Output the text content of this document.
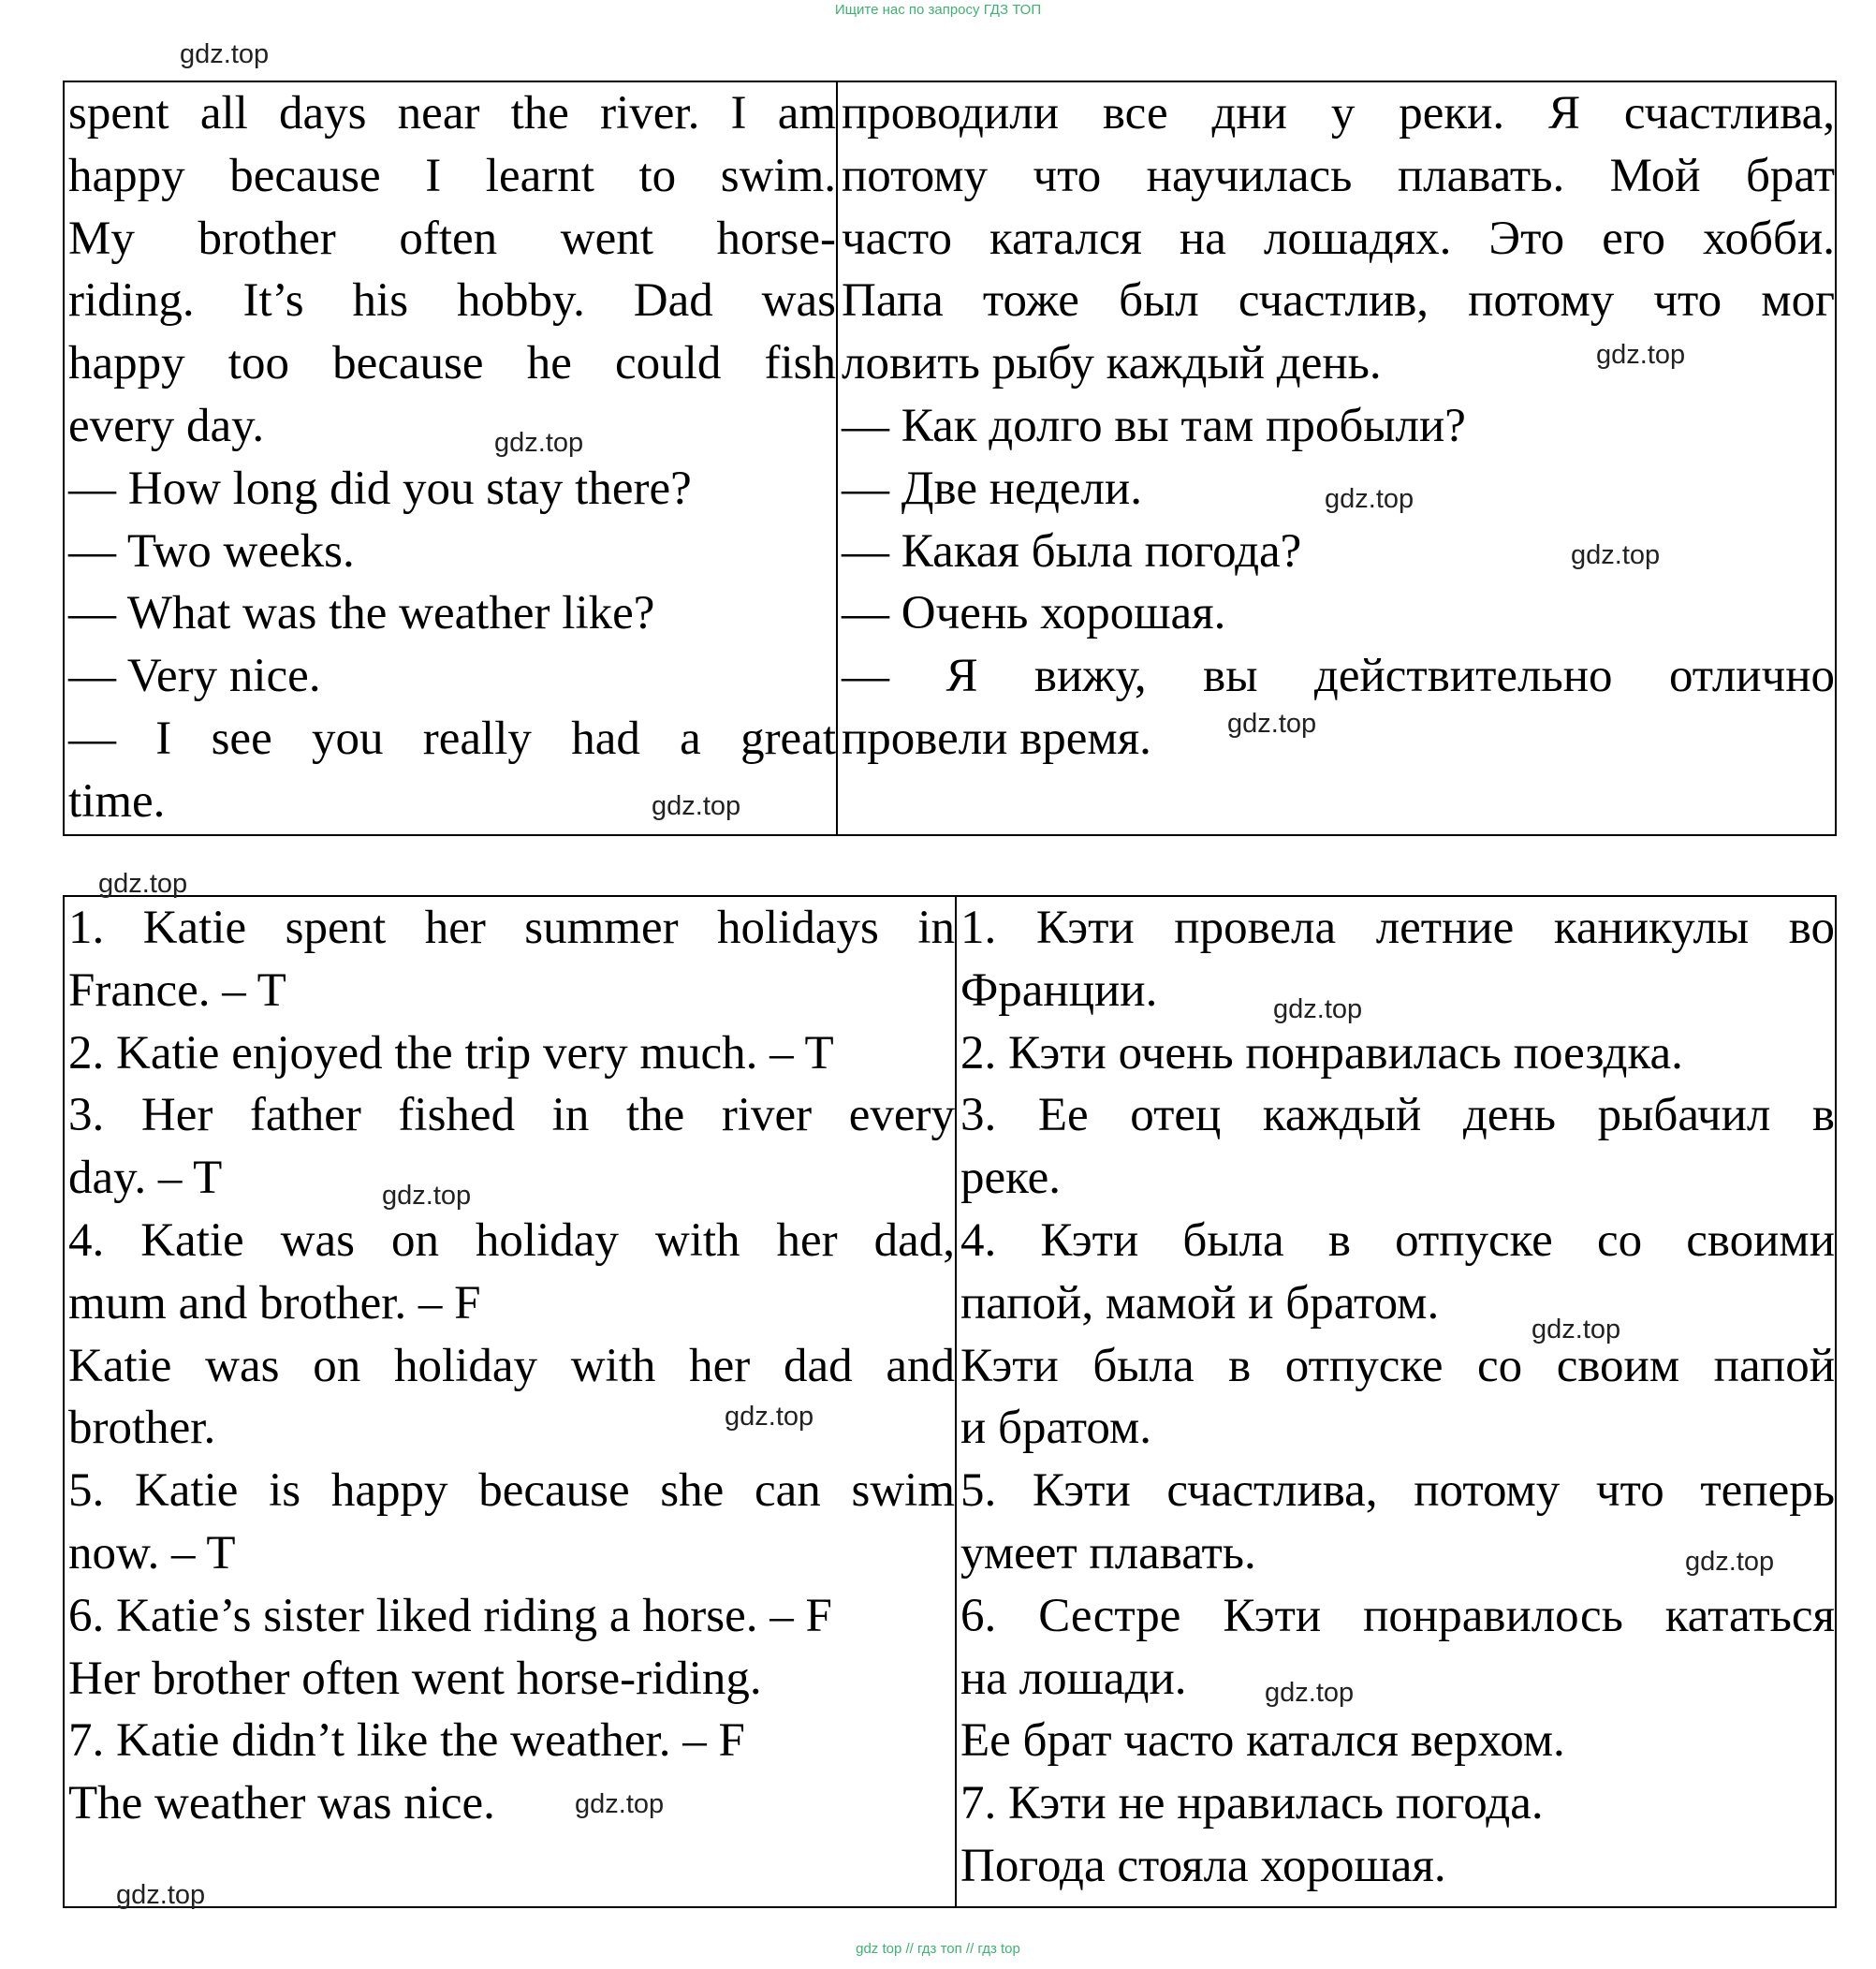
Ищите нас по запросу ГДЗ ТОП

spent all days near the river. I am

happy because I learnt to swim.

My brother often went horse-

riding. It’s his hobby. Dad was

happy too because he could fish

every day.

— How long did you stay there?

— Two weeks.

— What was the weather like?

— Very nice.

— I see you really had a great

time.

проводили все дни у реки. Я счастлива,

потому что научилась плавать. Мой брат

часто катался на лошадях. Это его хобби.

Папа тоже был счастлив, потому что мог

ловить рыбу каждый день.

— Как долго вы там пробыли?

— Две недели.

— Какая была погода?

— Очень хорошая.

— Я вижу, вы действительно отлично

провели время.

1. Katie spent her summer holidays in

France. – T

2. Katie enjoyed the trip very much. – T

3. Her father fished in the river every

day. – T

4. Katie was on holiday with her dad,

mum and brother. – F

Katie was on holiday with her dad and

brother.

5. Katie is happy because she can swim

now. – T

6. Katie’s sister liked riding a horse. – F

Her brother often went horse-riding.

7. Katie didn’t like the weather. – F

The weather was nice.

1. Кэти провела летние каникулы во

Франции.

2. Кэти очень понравилась поездка.

3. Ее отец каждый день рыбачил в

реке.

4. Кэти была в отпуске со своими

папой, мамой и братом.

Кэти была в отпуске со своим папой

и братом.

5. Кэти счастлива, потому что теперь

умеет плавать.

6. Сестре Кэти понравилось кататься

на лошади.

Ее брат часто катался верхом.

7. Кэти не нравилась погода.

Погода стояла хорошая.

gdz.top
gdz.top
gdz.top
gdz.top
gdz.top
gdz.top
gdz.top
gdz.top
gdz.top
gdz.top
gdz.top
gdz.top
gdz.top
gdz.top
gdz.top
gdz.top
gdz top // гдз топ // гдз top
